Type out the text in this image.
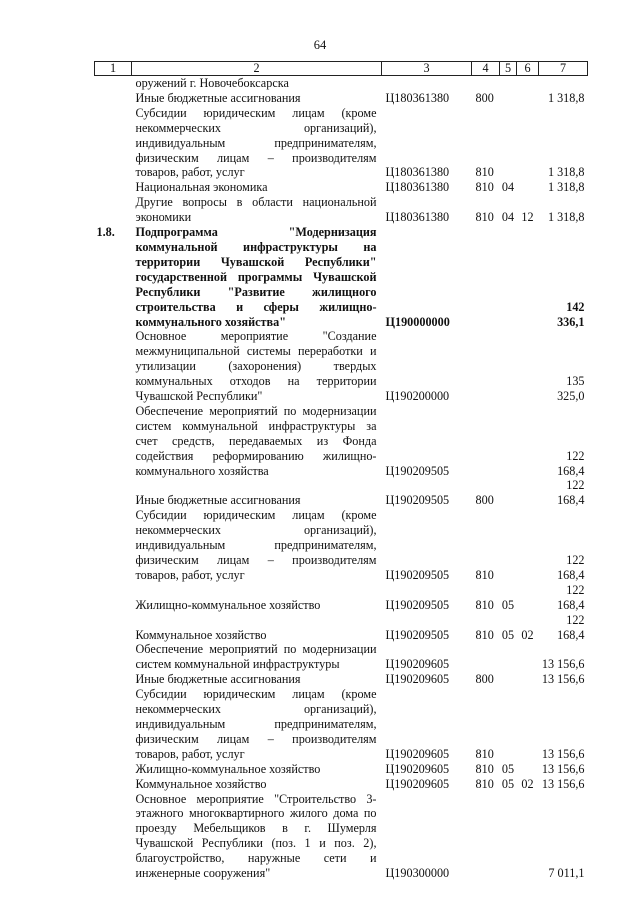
64
1	2	3	4	5	6	7
	оружений г. Новочебоксарска					
	Иные бюджетные ассигнования	Ц180361380	800			1 318,8
	Субсидии юридическим лицам (кроме некоммерческих организаций), индивидуальным предпринимателям, физическим лицам – производителям товаров, работ, услуг	Ц180361380	810			1 318,8
	Национальная экономика	Ц180361380	810	04		1 318,8
	Другие вопросы в области национальной экономики	Ц180361380	810	04	12	1 318,8
1.8.	Подпрограмма "Модернизация коммунальной инфраструктуры на территории Чувашской Республики" государственной программы Чувашской Республики "Развитие жилищного строительства и сферы жилищно-коммунального хозяйства"	Ц190000000				142 336,1
	Основное мероприятие "Создание межмуниципальной системы переработки и утилизации (захоронения) твердых коммунальных отходов на территории Чувашской Республики"	Ц190200000				135 325,0
	Обеспечение мероприятий по модернизации систем коммунальной инфраструктуры за счет средств, передаваемых из Фонда содействия реформированию жилищно-коммунального хозяйства	Ц190209505				122 168,4
	Иные бюджетные ассигнования	Ц190209505	800			122 168,4
	Субсидии юридическим лицам (кроме некоммерческих организаций), индивидуальным предпринимателям, физическим лицам – производителям товаров, работ, услуг	Ц190209505	810			122 168,4
	Жилищно-коммунальное хозяйство	Ц190209505	810	05		122 168,4
	Коммунальное хозяйство	Ц190209505	810	05	02	122 168,4
	Обеспечение мероприятий по модернизации систем коммунальной инфраструктуры	Ц190209605				13 156,6
	Иные бюджетные ассигнования	Ц190209605	800			13 156,6
	Субсидии юридическим лицам (кроме некоммерческих организаций), индивидуальным предпринимателям, физическим лицам – производителям товаров, работ, услуг	Ц190209605	810			13 156,6
	Жилищно-коммунальное хозяйство	Ц190209605	810	05		13 156,6
	Коммунальное хозяйство	Ц190209605	810	05	02	13 156,6
	Основное мероприятие "Строительство 3-этажного многоквартирного жилого дома по проезду Мебельщиков в г. Шумерля Чувашской Республики (поз. 1 и поз. 2), благоустройство, наружные сети и инженерные сооружения"	Ц190300000				7 011,1
